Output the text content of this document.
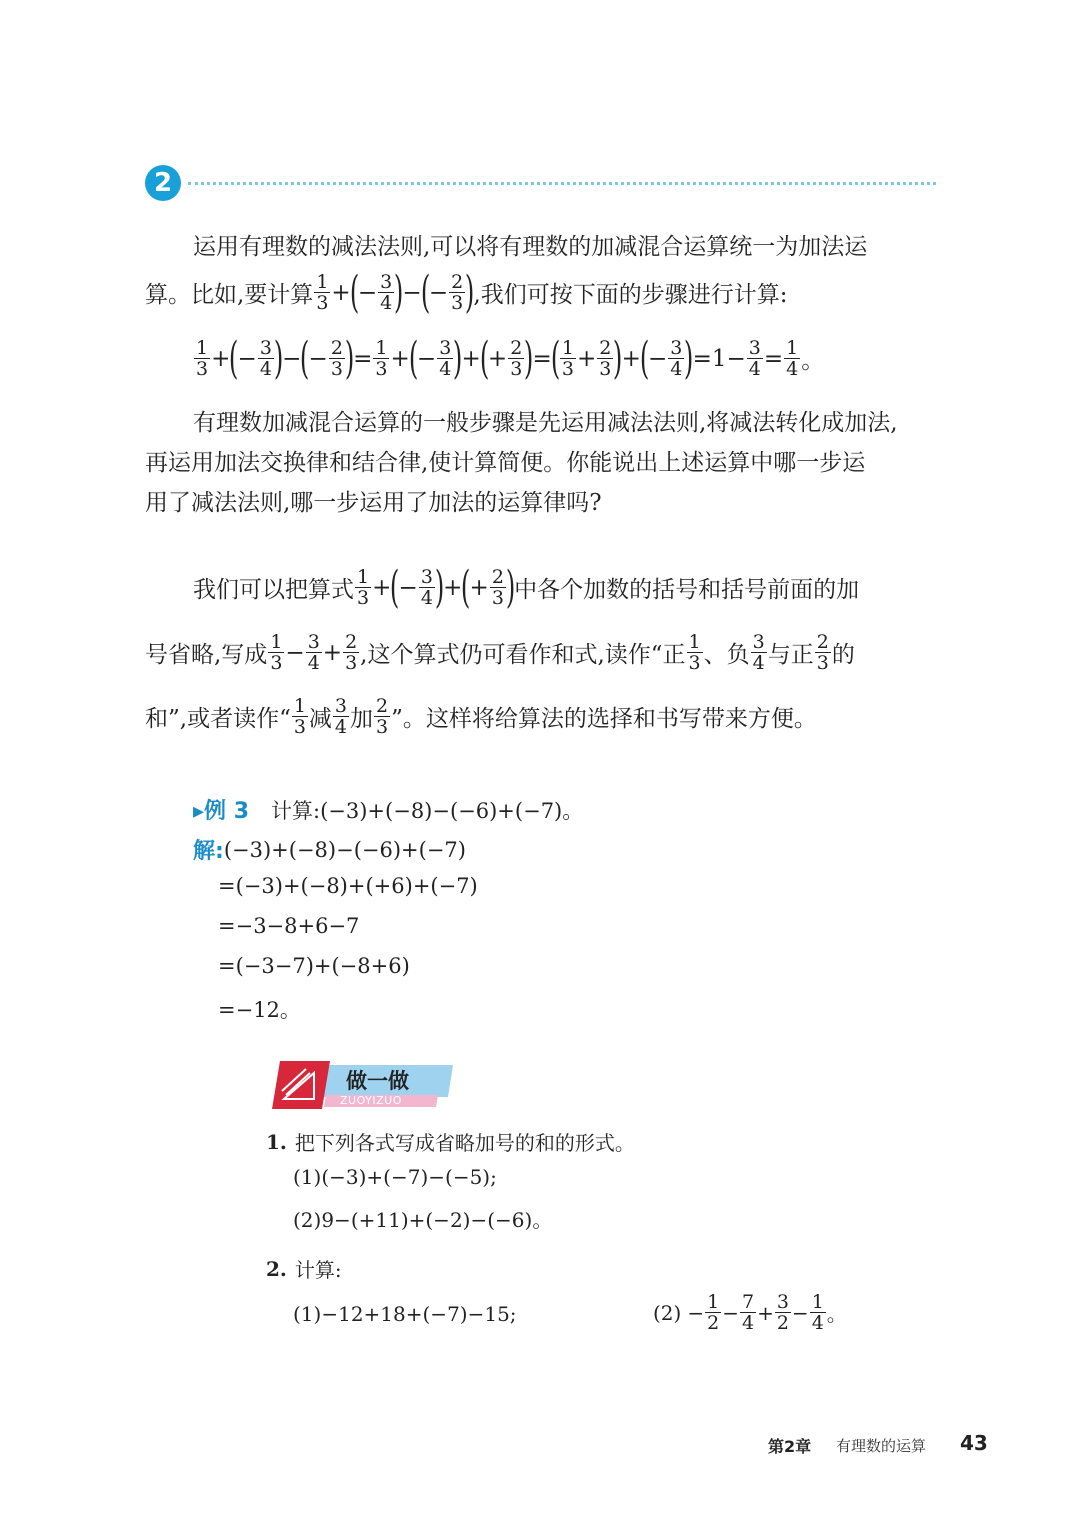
2
运用有理数的减法法则,可以将有理数的加减混合运算统一为加法运
算。比如,要计算 $\frac{1}{3}$ +
(
− $\frac{3}{4}$ )
−
(
− $\frac{2}{3}$ )
,我们可按下面的步骤进行计算:
$\frac{1}{3}$ +
(
− $\frac{3}{4}$ )
−
(
− $\frac{2}{3}$ )
= $\frac{1}{3}$ +
(
− $\frac{3}{4}$ )
+
(
+ $\frac{2}{3}$ )
=
( $\frac{1}{3} + \frac{2}{3}$ )
+
(
− $\frac{3}{4}$ )
$=1- \frac{3}{4} = \frac{1}{4}$ 。
有理数加减混合运算的一般步骤是先运用减法法则,将减法转化成加法,
再运用加法交换律和结合律,使计算简便。你能说出上述运算中哪一步运
用了减法法则,哪一步运用了加法的运算律吗?
我们可以把算式 $\frac{1}{3}$ +
(
− $\frac{3}{4}$ )
+
(
+ $\frac{2}{3}$ )
中各个加数的括号和括号前面的加
号省略,写成 $\frac{1}{3} - \frac{3}{4} + \frac{2}{3}$ ,这个算式仍可看作和式,读作“正 $\frac{1}{3}$ 、负 $\frac{3}{4}$ 与正 $\frac{2}{3}$ 的
和”,或者读作“ $\frac{1}{3}$ 减 $\frac{3}{4}$ 加 $\frac{2}{3}$ ”。这样将给算法的选择和书写带来方便。
▸例 3 计算:(−3)+(−8)−(−6)+(−7)。
解: (−3)+(−8)−(−6)+(−7)
=(−3)+(−8)+(+6)+(−7)
=−3−8+6−7
=(−3−7)+(−8+6)
=−12。
做一做
ZUOYIZUO
1. 把下列各式写成省略加号的和的形式。
(1)(−3)+(−7)−(−5);
(2)9−(+11)+(−2)−(−6)。
2. 计算:
(1)−12+18+(−7)−15;	$(2) - \frac{1}{2} - \frac{7}{4} + \frac{3}{2} - \frac{1}{4}$ 。
第2章 有理数的运算 43
